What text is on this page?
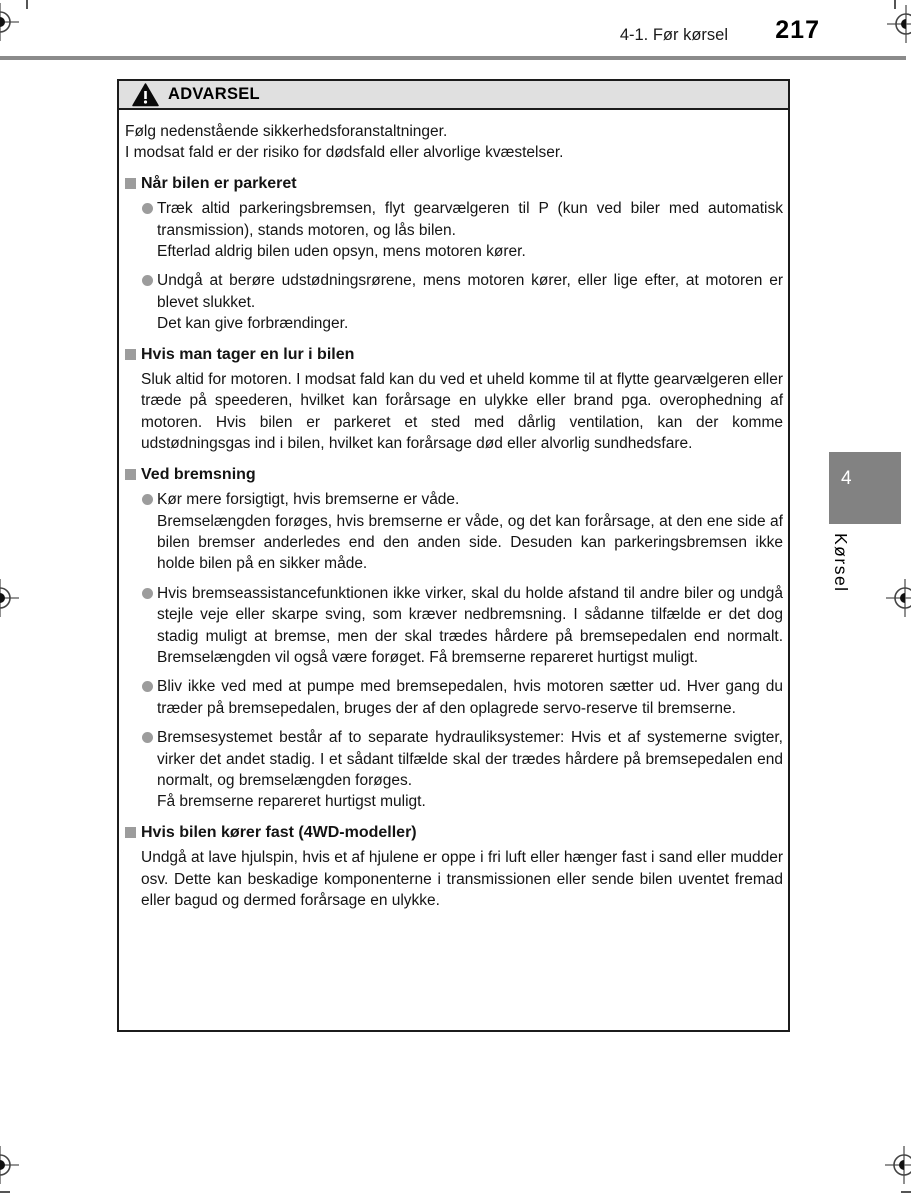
4-1. Før kørsel 217
ADVARSEL

Følg nedenstående sikkerhedsforanstaltninger.

I modsat fald er der risiko for dødsfald eller alvorlige kvæstelser.

Når bilen er parkeret

Træk altid parkeringsbremsen, flyt gearvælgeren til P (kun ved biler med automatisk transmission), stands motoren, og lås bilen.

Efterlad aldrig bilen uden opsyn, mens motoren kører.

Undgå at berøre udstødningsrørene, mens motoren kører, eller lige efter, at motoren er blevet slukket.

Det kan give forbrændinger.

Hvis man tager en lur i bilen

Sluk altid for motoren. I modsat fald kan du ved et uheld komme til at flytte gearvælgeren eller træde på speederen, hvilket kan forårsage en ulykke eller brand pga. overophedning af motoren. Hvis bilen er parkeret et sted med dårlig ventilation, kan der komme udstødningsgas ind i bilen, hvilket kan forårsage død eller alvorlig sundhedsfare.

Ved bremsning

Kør mere forsigtigt, hvis bremserne er våde.

Bremselængden forøges, hvis bremserne er våde, og det kan forårsage, at den ene side af bilen bremser anderledes end den anden side. Desuden kan parkeringsbremsen ikke holde bilen på en sikker måde.

Hvis bremseassistancefunktionen ikke virker, skal du holde afstand til andre biler og undgå stejle veje eller skarpe sving, som kræver nedbremsning. I sådanne tilfælde er det dog stadig muligt at bremse, men der skal trædes hårdere på bremsepedalen end normalt. Bremselængden vil også være forøget. Få bremserne repareret hurtigst muligt.

Bliv ikke ved med at pumpe med bremsepedalen, hvis motoren sætter ud. Hver gang du træder på bremsepedalen, bruges der af den oplagrede servo-reserve til bremserne.

Bremsesystemet består af to separate hydrauliksystemer: Hvis et af systemerne svigter, virker det andet stadig. I et sådant tilfælde skal der trædes hårdere på bremsepedalen end normalt, og bremselængden forøges.

Få bremserne repareret hurtigst muligt.

Hvis bilen kører fast (4WD-modeller)

Undgå at lave hjulspin, hvis et af hjulene er oppe i fri luft eller hænger fast i sand eller mudder osv. Dette kan beskadige komponenterne i transmissionen eller sende bilen uventet fremad eller bagud og dermed forårsage en ulykke.

4
Kørsel
